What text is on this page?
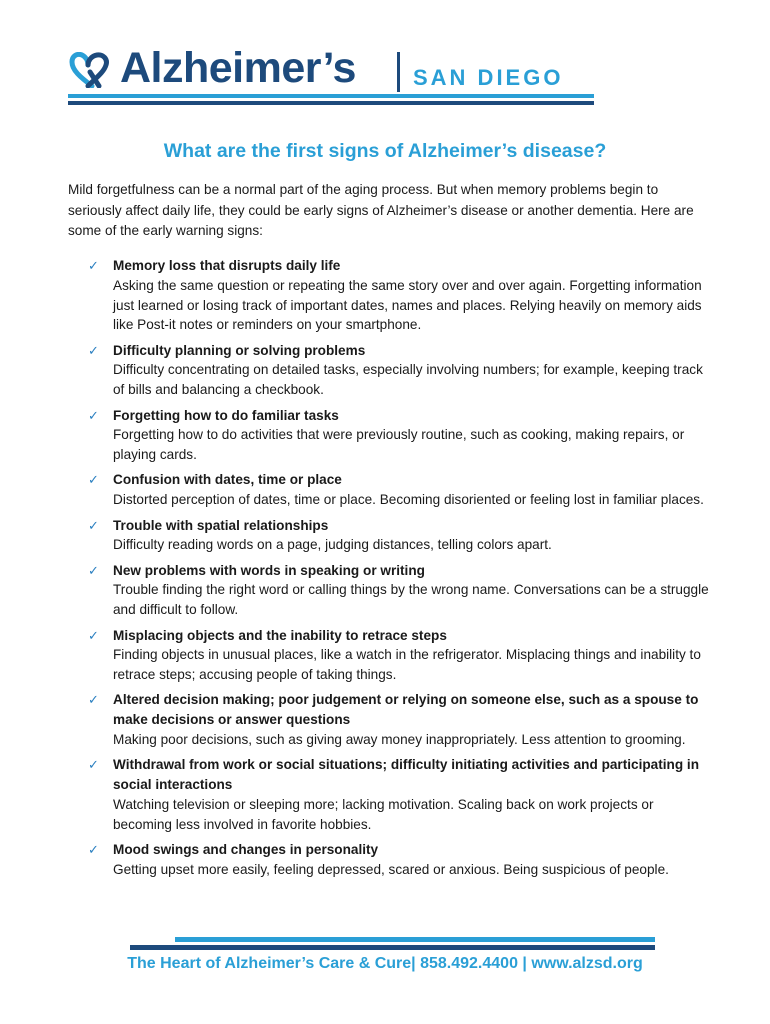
Alzheimer’s	SAN DIEGO
What are the first signs of Alzheimer’s disease?
Mild forgetfulness can be a normal part of the aging process. But when memory problems begin to seriously affect daily life, they could be early signs of Alzheimer’s disease or another dementia. Here are some of the early warning signs:
✓ Memory loss that disrupts daily life
Asking the same question or repeating the same story over and over again. Forgetting information just learned or losing track of important dates, names and places. Relying heavily on memory aids like Post-it notes or reminders on your smartphone.
✓ Difficulty planning or solving problems
Difficulty concentrating on detailed tasks, especially involving numbers; for example, keeping track of bills and balancing a checkbook.
✓ Forgetting how to do familiar tasks
Forgetting how to do activities that were previously routine, such as cooking, making repairs, or playing cards.
✓ Confusion with dates, time or place
Distorted perception of dates, time or place. Becoming disoriented or feeling lost in familiar places.
✓ Trouble with spatial relationships
Difficulty reading words on a page, judging distances, telling colors apart.
✓ New problems with words in speaking or writing
Trouble finding the right word or calling things by the wrong name. Conversations can be a struggle and difficult to follow.
✓ Misplacing objects and the inability to retrace steps
Finding objects in unusual places, like a watch in the refrigerator. Misplacing things and inability to retrace steps; accusing people of taking things.
✓ Altered decision making; poor judgement or relying on someone else, such as a spouse to make decisions or answer questions
Making poor decisions, such as giving away money inappropriately. Less attention to grooming.
✓ Withdrawal from work or social situations; difficulty initiating activities and participating in social interactions
Watching television or sleeping more; lacking motivation. Scaling back on work projects or becoming less involved in favorite hobbies.
✓ Mood swings and changes in personality
Getting upset more easily, feeling depressed, scared or anxious. Being suspicious of people.
The Heart of Alzheimer’s Care & Cure| 858.492.4400 | www.alzsd.org
